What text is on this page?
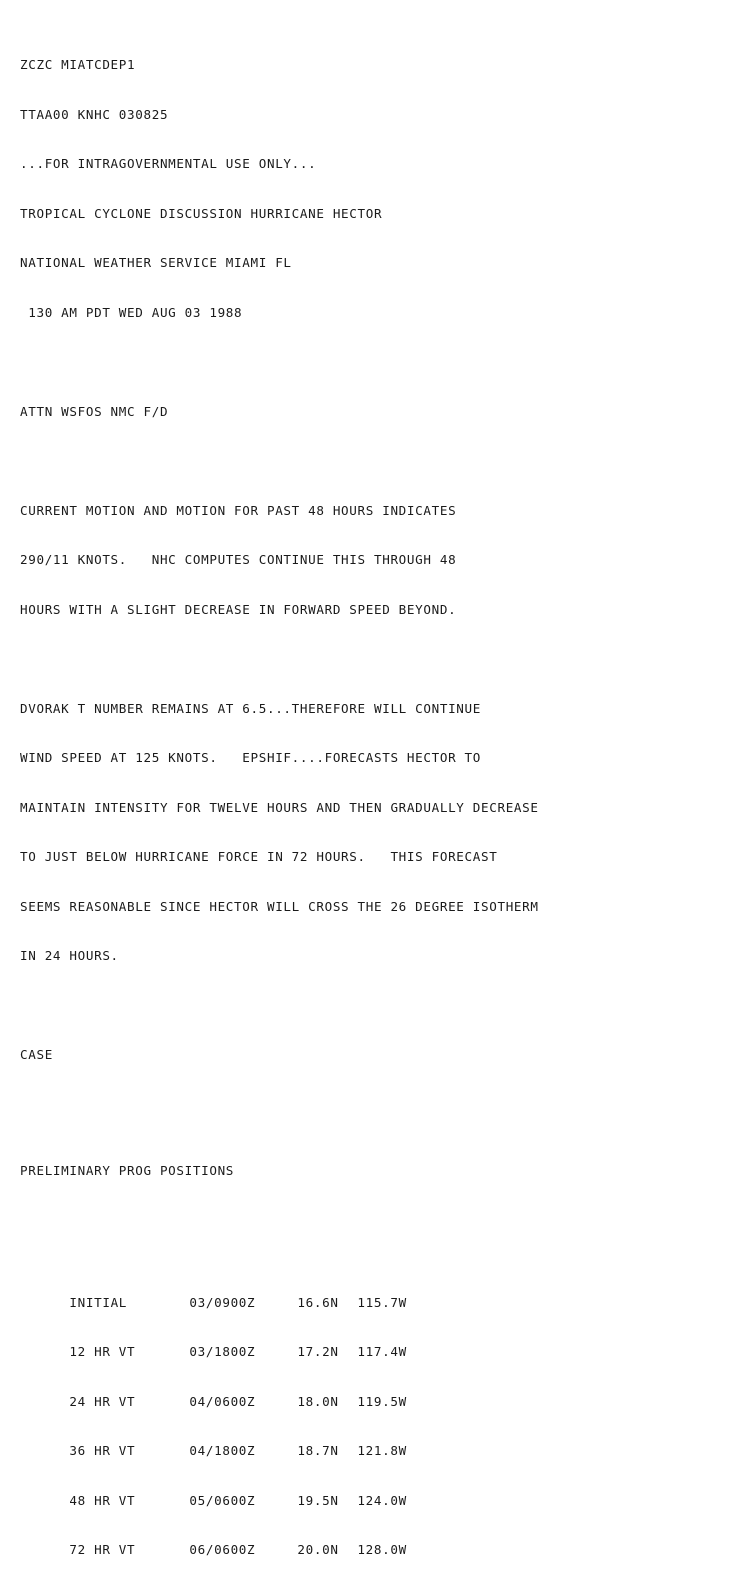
ZCZC MIATCDEP1

TTAA00 KNHC 030825

...FOR INTRAGOVERNMENTAL USE ONLY...

TROPICAL CYCLONE DISCUSSION HURRICANE HECTOR

NATIONAL WEATHER SERVICE MIAMI FL

130 AM PDT WED AUG 03 1988

ATTN WSFOS NMC F/D

CURRENT MOTION AND MOTION FOR PAST 48 HOURS INDICATES

290/11 KNOTS.   NHC COMPUTES CONTINUE THIS THROUGH 48

HOURS WITH A SLIGHT DECREASE IN FORWARD SPEED BEYOND.

DVORAK T NUMBER REMAINS AT 6.5...THEREFORE WILL CONTINUE

WIND SPEED AT 125 KNOTS.   EPSHIF....FORECASTS HECTOR TO

MAINTAIN INTENSITY FOR TWELVE HOURS AND THEN GRADUALLY DECREASE

TO JUST BELOW HURRICANE FORCE IN 72 HOURS.   THIS FORECAST

SEEMS REASONABLE SINCE HECTOR WILL CROSS THE 26 DEGREE ISOTHERM

IN 24 HOURS.

CASE

PRELIMINARY PROG POSITIONS

INITIAL	03/0900Z	16.6N 115.7W

12 HR VT	03/1800Z	17.2N 117.4W

24 HR VT	04/0600Z	18.0N 119.5W

36 HR VT	04/1800Z	18.7N 121.8W

48 HR VT	05/0600Z	19.5N 124.0W

72 HR VT	06/0600Z	20.0N 128.0W
